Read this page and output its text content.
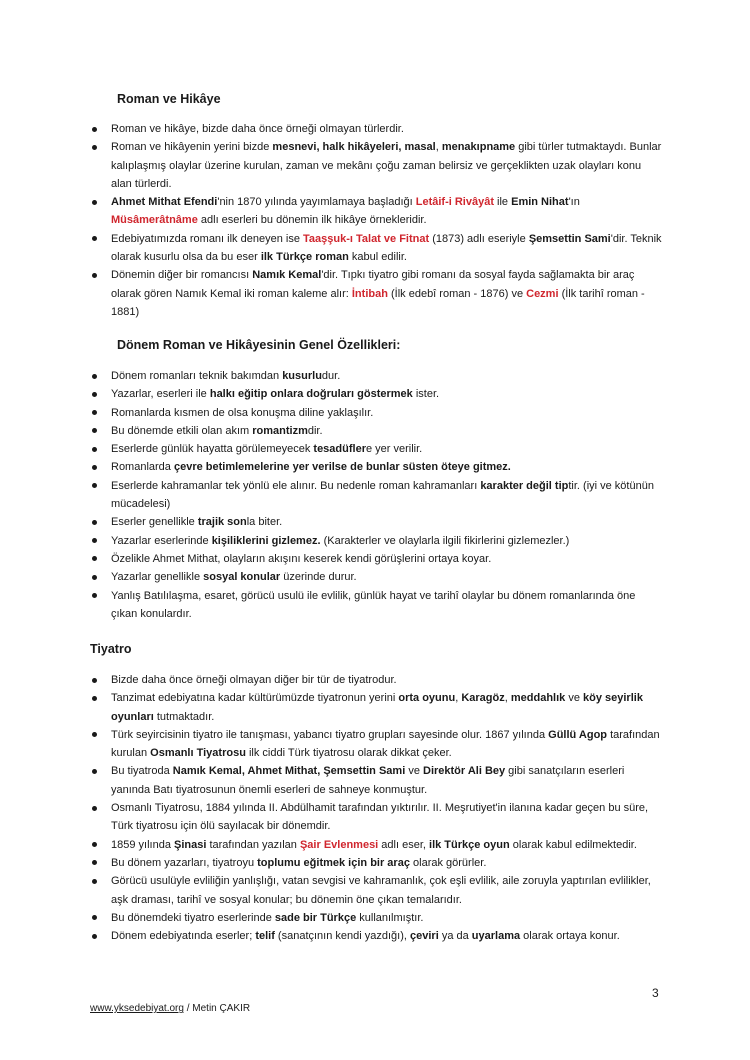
Roman ve Hikâye
Roman ve hikâye, bizde daha önce örneği olmayan türlerdir.
Roman ve hikâyenin yerini bizde mesnevi, halk hikâyeleri, masal, menakıpname gibi türler tutmaktaydı. Bunlar kalıplaşmış olaylar üzerine kurulan, zaman ve mekânı çoğu zaman belirsiz ve gerçeklikten uzak olayları konu alan türlerdi.
Ahmet Mithat Efendi'nin 1870 yılında yayımlamaya başladığı Letâif-i Rivâyât ile Emin Nihat'ın Müsâmerâtnâme adlı eserleri bu dönemin ilk hikâye örnekleridir.
Edebiyatımızda romanı ilk deneyen ise Taaşşuk-ı Talat ve Fitnat (1873) adlı eseriyle Şemsettin Sami'dir. Teknik olarak kusurlu olsa da bu eser ilk Türkçe roman kabul edilir.
Dönemin diğer bir romancısı Namık Kemal'dir. Tıpkı tiyatro gibi romanı da sosyal fayda sağlamakta bir araç olarak gören Namık Kemal iki roman kaleme alır: İntibah (İlk edebî roman - 1876) ve Cezmi (İlk tarihî roman - 1881)
Dönem Roman ve Hikâyesinin Genel Özellikleri:
Dönem romanları teknik bakımdan kusurludur.
Yazarlar, eserleri ile halkı eğitip onlara doğruları göstermek ister.
Romanlarda kısmen de olsa konuşma diline yaklaşılır.
Bu dönemde etkili olan akım romantizmdir.
Eserlerde günlük hayatta görülemeyecek tesadüflere yer verilir.
Romanlarda çevre betimlemelerine yer verilse de bunlar süsten öteye gitmez.
Eserlerde kahramanlar tek yönlü ele alınır. Bu nedenle roman kahramanları karakter değil tiptir. (iyi ve kötünün mücadelesi)
Eserler genellikle trajik sonla biter.
Yazarlar eserlerinde kişiliklerini gizlemez. (Karakterler ve olaylarla ilgili fikirlerini gizlemezler.)
Özelikle Ahmet Mithat, olayların akışını keserek kendi görüşlerini ortaya koyar.
Yazarlar genellikle sosyal konular üzerinde durur.
Yanlış Batılılaşma, esaret, görücü usulü ile evlilik, günlük hayat ve tarihî olaylar bu dönem romanlarında öne çıkan konulardır.
Tiyatro
Bizde daha önce örneği olmayan diğer bir tür de tiyatrodur.
Tanzimat edebiyatına kadar kültürümüzde tiyatronun yerini orta oyunu, Karagöz, meddahlık ve köy seyirlik oyunları tutmaktadır.
Türk seyircisinin tiyatro ile tanışması, yabancı tiyatro grupları sayesinde olur. 1867 yılında Güllü Agop tarafından kurulan Osmanlı Tiyatrosu ilk ciddi Türk tiyatrosu olarak dikkat çeker.
Bu tiyatroda Namık Kemal, Ahmet Mithat, Şemsettin Sami ve Direktör Ali Bey gibi sanatçıların eserleri yanında Batı tiyatrosunun önemli eserleri de sahneye konmuştur.
Osmanlı Tiyatrosu, 1884 yılında II. Abdülhamit tarafından yıktırılır. II. Meşrutiyet'in ilanına kadar geçen bu süre, Türk tiyatrosu için ölü sayılacak bir dönemdir.
1859 yılında Şinasi tarafından yazılan Şair Evlenmesi adlı eser, ilk Türkçe oyun olarak kabul edilmektedir.
Bu dönem yazarları, tiyatroyu toplumu eğitmek için bir araç olarak görürler.
Görücü usulüyle evliliğin yanlışlığı, vatan sevgisi ve kahramanlık, çok eşli evlilik, aile zoruyla yaptırılan evlilikler, aşk draması, tarihî ve sosyal konular; bu dönemin öne çıkan temalarıdır.
Bu dönemdeki tiyatro eserlerinde sade bir Türkçe kullanılmıştır.
Dönem edebiyatında eserler; telif (sanatçının kendi yazdığı), çeviri ya da uyarlama olarak ortaya konur.
3
www.yksedebiyat.org / Metin ÇAKIR
